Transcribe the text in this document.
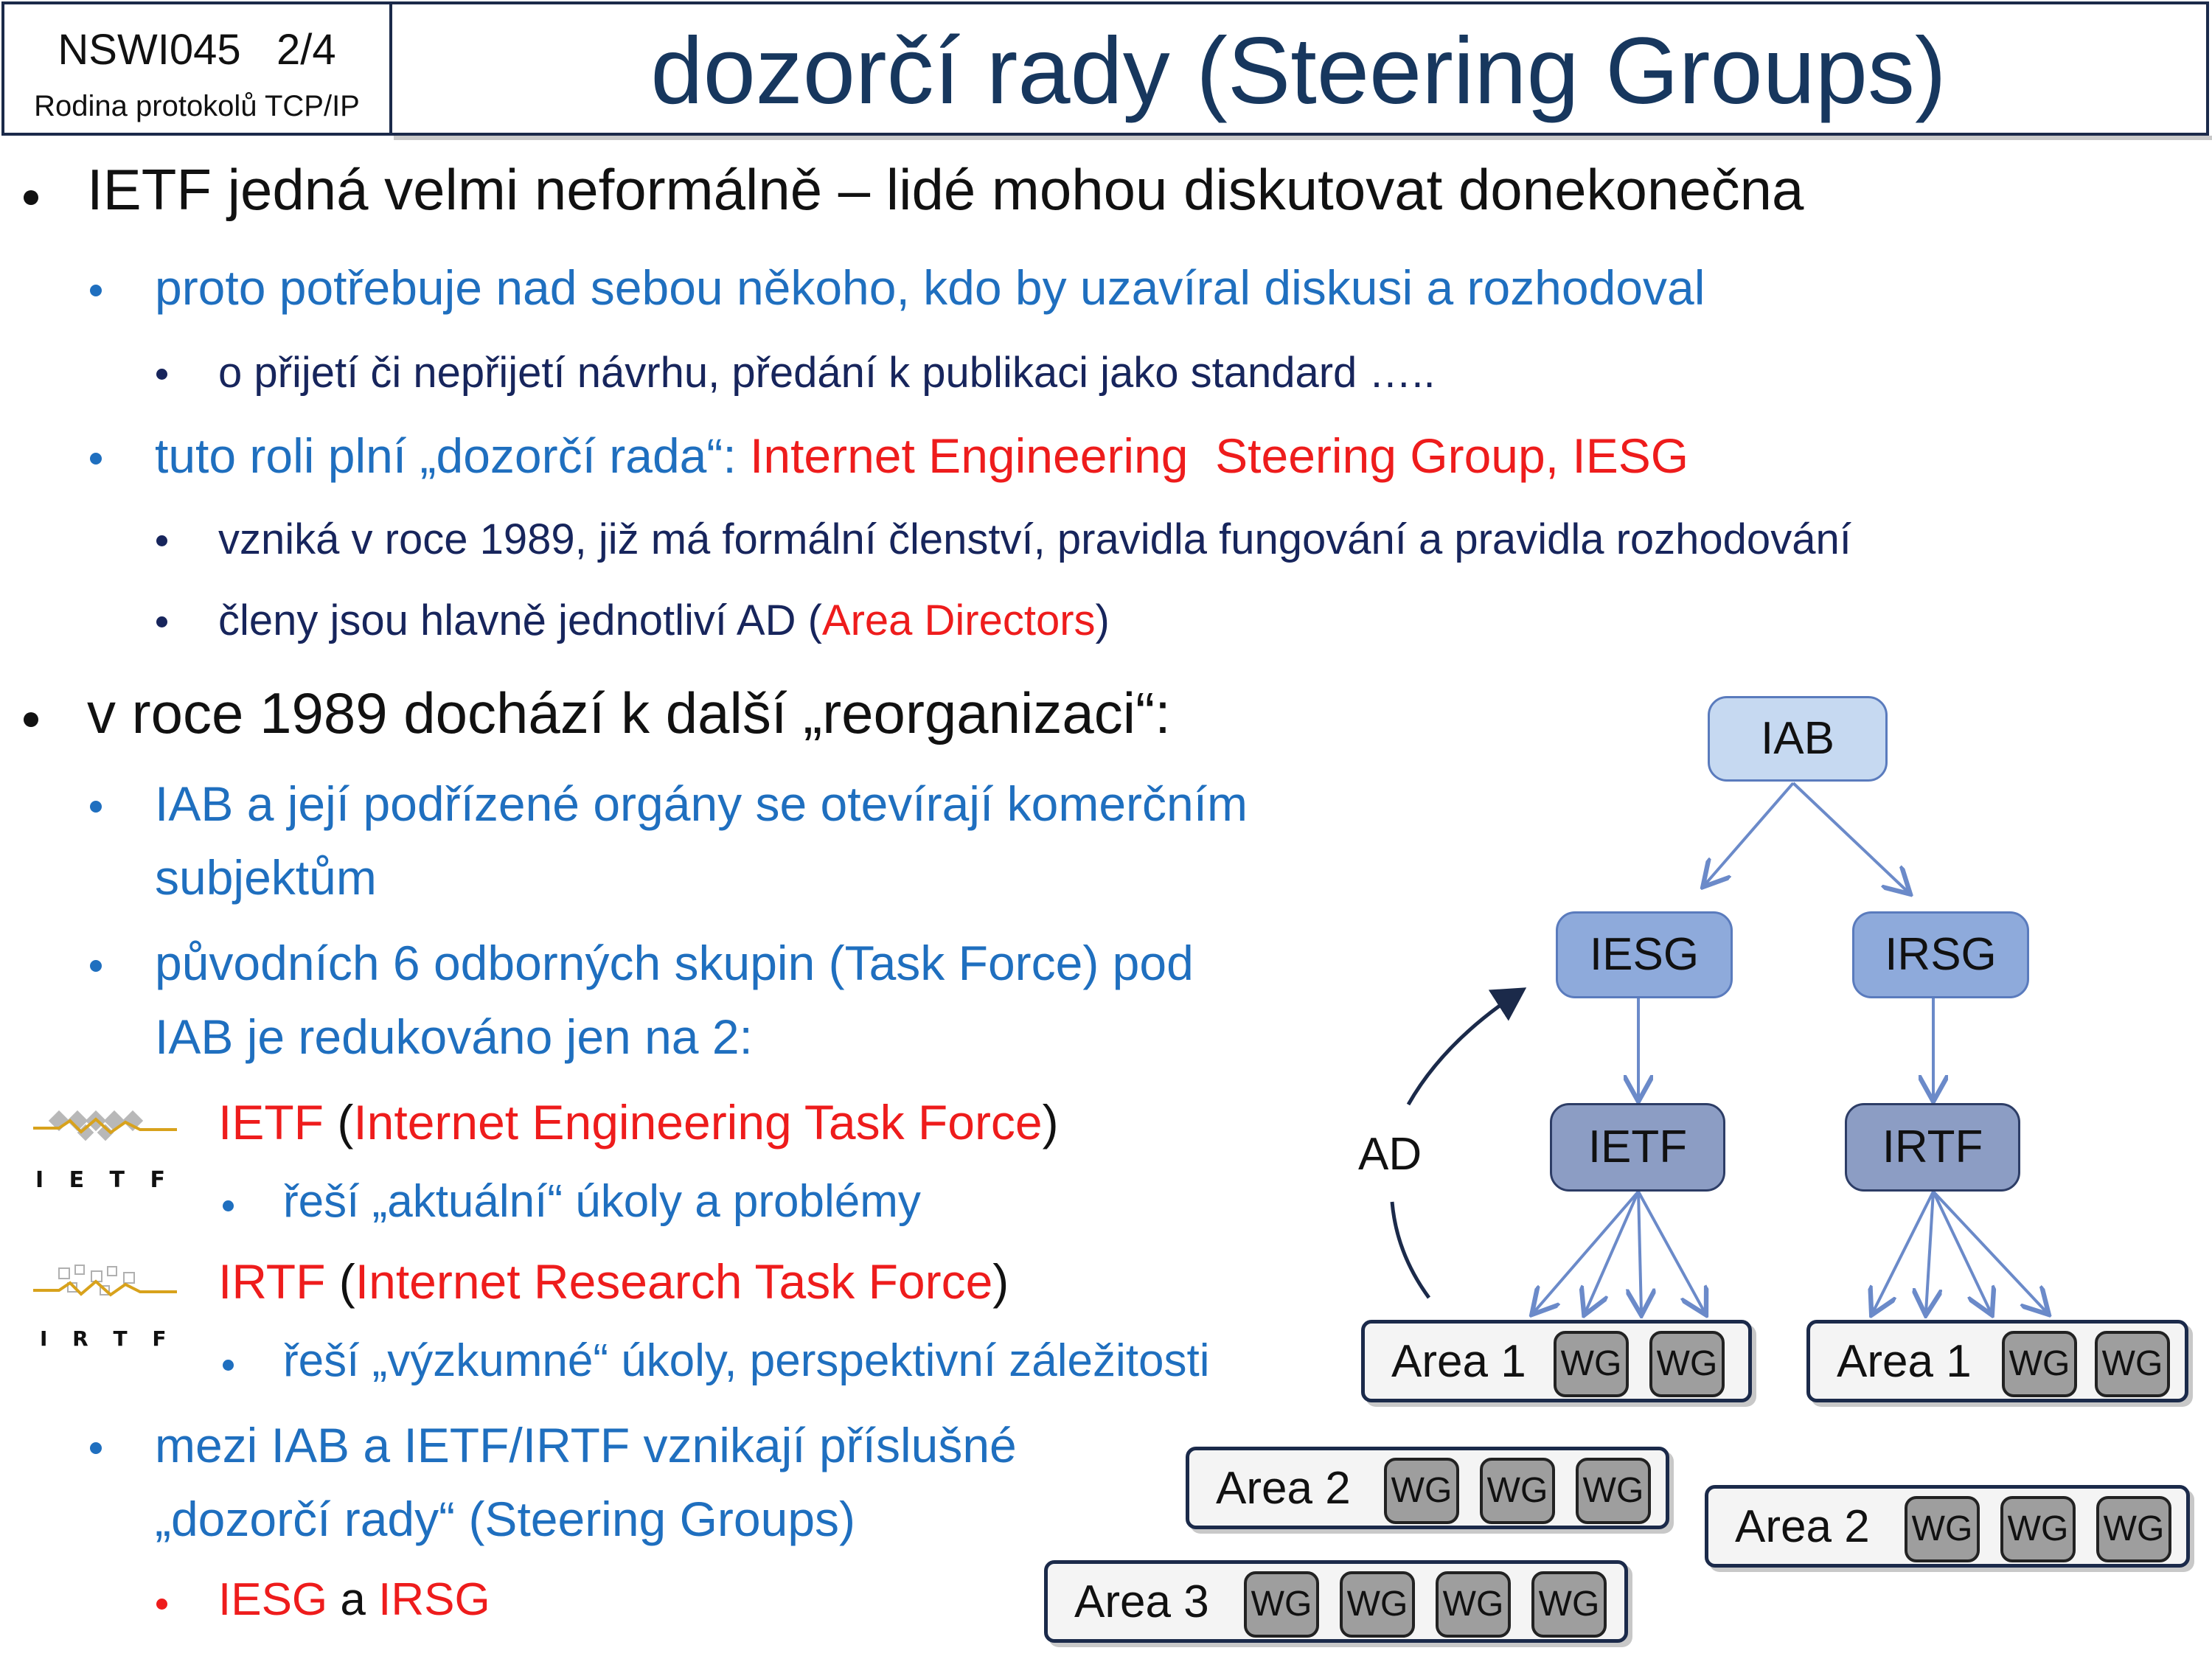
NSWI045   2/4
Rodina protokolů TCP/IP	dozorčí rady (Steering Groups)
IETF jedná velmi neformálně – lidé mohou diskutovat donekonečna
proto potřebuje nad sebou někoho, kdo by uzavíral diskusi a rozhodoval
o přijetí či nepřijetí návrhu, předání k publikaci jako standard …..
tuto roli plní „dozorčí rada“: Internet Engineering  Steering Group, IESG
vzniká v roce 1989, již má formální členství, pravidla fungování a pravidla rozhodování
členy jsou hlavně jednotliví AD (Area Directors)
v roce 1989 dochází k další „reorganizaci“:
IAB a její podřízené orgány se otevírají komerčním
subjektům
původních 6 odborných skupin (Task Force) pod
IAB je redukováno jen na 2:
I E T F
IETF (Internet Engineering Task Force)
řeší „aktuální“ úkoly a problémy
I R T F
IRTF (Internet Research Task Force)
řeší „výzkumné“ úkoly, perspektivní záležitosti
mezi IAB a IETF/IRTF vznikají příslušné
„dozorčí rady“ (Steering Groups)
IESG a IRSG
IAB
IESG	IRSG
IETF	IRTF
AD
Area 1 WG WG
Area 2 WG WG WG
Area 3 WG WG WG WG
Area 1 WG WG
Area 2 WG WG WG
